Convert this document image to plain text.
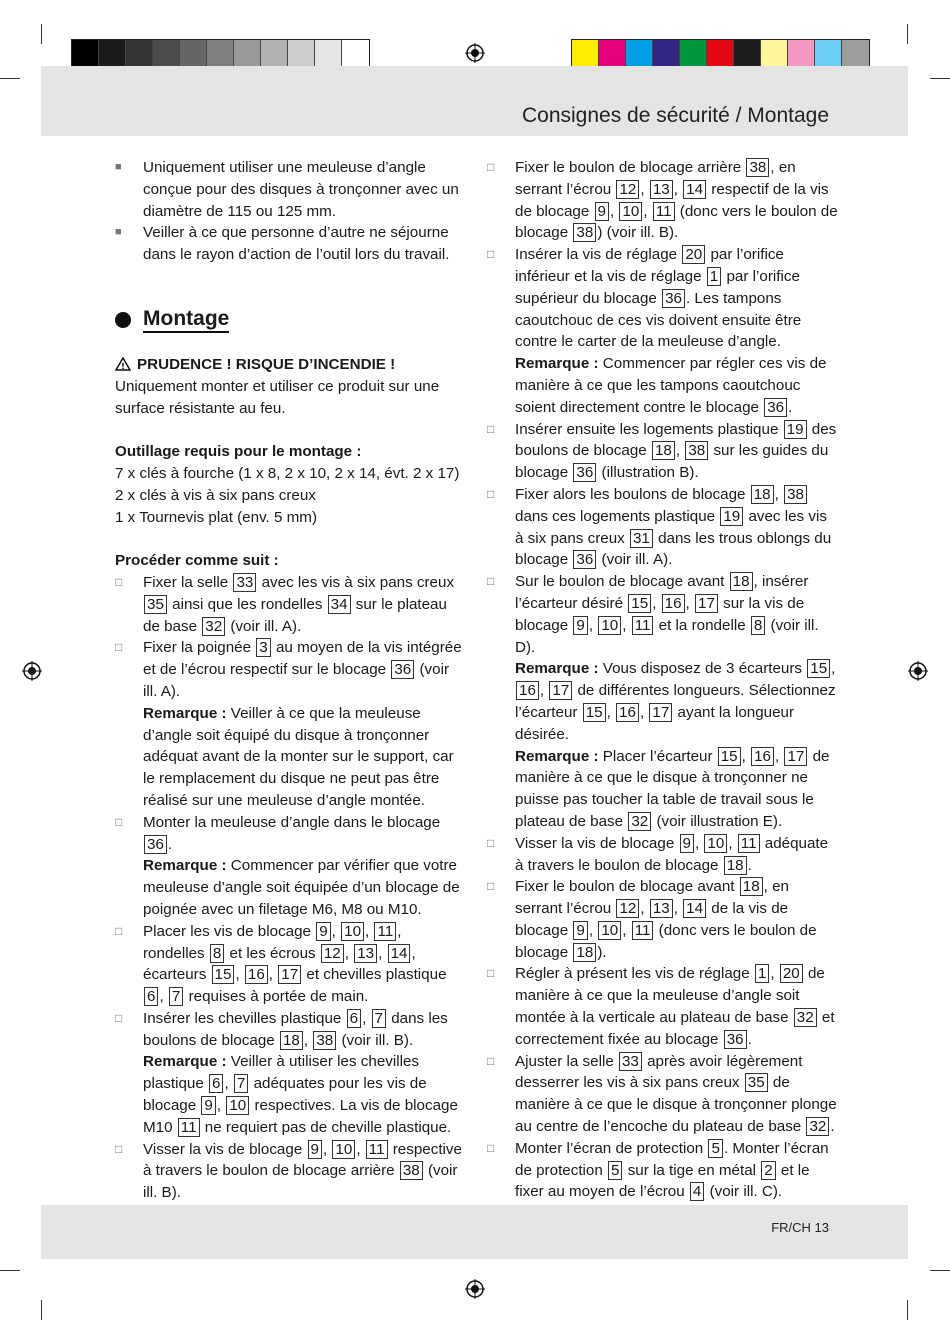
Consignes de sécurité / Montage
FR/CH 13
■	Uniquement utiliser une meuleuse d’angle conçue pour des disques à tronçonner avec un diamètre de 115 ou 125 mm.
■	Veiller à ce que personne d’autre ne séjourne dans le rayon d’action de l’outil lors du travail.
Montage
! PRUDENCE ! RISQUE D’INCENDIE ! Uniquement monter et utiliser ce produit sur une surface résistante au feu.
Outillage requis pour le montage :
7 x clés à fourche (1 x 8, 2 x 10, 2 x 14, évt. 2 x 17)
2 x clés à vis à six pans creux
1 x Tournevis plat (env. 5 mm)
Procéder comme suit :
□	Fixer la selle 33 avec les vis à six pans creux 35 ainsi que les rondelles 34 sur le plateau de base 32 (voir ill. A).
□	Fixer la poignée 3 au moyen de la vis intégrée et de l’écrou respectif sur le blocage 36 (voir ill. A).
Remarque : Veiller à ce que la meuleuse d’angle soit équipé du disque à tronçonner adéquat avant de la monter sur le support, car le remplacement du disque ne peut pas être réalisé sur une meuleuse d’angle montée.
□	Monter la meuleuse d’angle dans le blocage 36 .
Remarque : Commencer par vérifier que votre meuleuse d’angle soit équipée d’un blocage de poignée avec un filetage M6, M8 ou M10.
□	Placer les vis de blocage 9 , 10 , 11 , rondelles 8 et les écrous 12 , 13 , 14 , écarteurs 15 , 16 , 17 et chevilles plastique 6 , 7 requises à portée de main.
□	Insérer les chevilles plastique 6 , 7 dans les boulons de blocage 18 , 38 (voir ill. B).
Remarque : Veiller à utiliser les chevilles plastique 6 , 7 adéquates pour les vis de blocage 9 , 10 respectives. La vis de blocage M10 11 ne requiert pas de cheville plastique.
□	Visser la vis de blocage 9 , 10 , 11 respective à travers le boulon de blocage arrière 38 (voir ill. B).
□	Fixer le boulon de blocage arrière 38 , en serrant l’écrou 12 , 13 , 14 respectif de la vis de blocage 9 , 10 , 11 (donc vers le boulon de blocage 38 ) (voir ill. B).
□	Insérer la vis de réglage 20 par l’orifice inférieur et la vis de réglage 1 par l’orifice supérieur du blocage 36 . Les tampons caoutchouc de ces vis doivent ensuite être contre le carter de la meuleuse d’angle.
Remarque : Commencer par régler ces vis de manière à ce que les tampons caoutchouc soient directement contre le blocage 36 .
□	Insérer ensuite les logements plastique 19 des boulons de blocage 18 , 38 sur les guides du blocage 36 (illustration B).
□	Fixer alors les boulons de blocage 18 , 38 dans ces logements plastique 19 avec les vis à six pans creux 31 dans les trous oblongs du blocage 36 (voir ill. A).
□	Sur le boulon de blocage avant 18 , insérer l’écarteur désiré 15 , 16 , 17 sur la vis de blocage 9 , 10 , 11 et la rondelle 8 (voir ill. D).
Remarque : Vous disposez de 3 écarteurs 15 , 16 , 17 de différentes longueurs. Sélectionnez l’écarteur 15 , 16 , 17 ayant la longueur désirée.
Remarque : Placer l’écarteur 15 , 16 , 17 de manière à ce que le disque à tronçonner ne puisse pas toucher la table de travail sous le plateau de base 32 (voir illustration E).
□	Visser la vis de blocage 9 , 10 , 11 adéquate à travers le boulon de blocage 18 .
□	Fixer le boulon de blocage avant 18 , en serrant l’écrou 12 , 13 , 14 de la vis de blocage 9 , 10 , 11 (donc vers le boulon de blocage 18 ).
□	Régler à présent les vis de réglage 1 , 20 de manière à ce que la meuleuse d’angle soit montée à la verticale au plateau de base 32 et correctement fixée au blocage 36 .
□	Ajuster la selle 33 après avoir légèrement desserrer les vis à six pans creux 35 de manière à ce que le disque à tronçonner plonge au centre de l’encoche du plateau de base 32 .
□	Monter l’écran de protection 5 . Monter l’écran de protection 5 sur la tige en métal 2 et le fixer au moyen de l’écrou 4 (voir ill. C).
